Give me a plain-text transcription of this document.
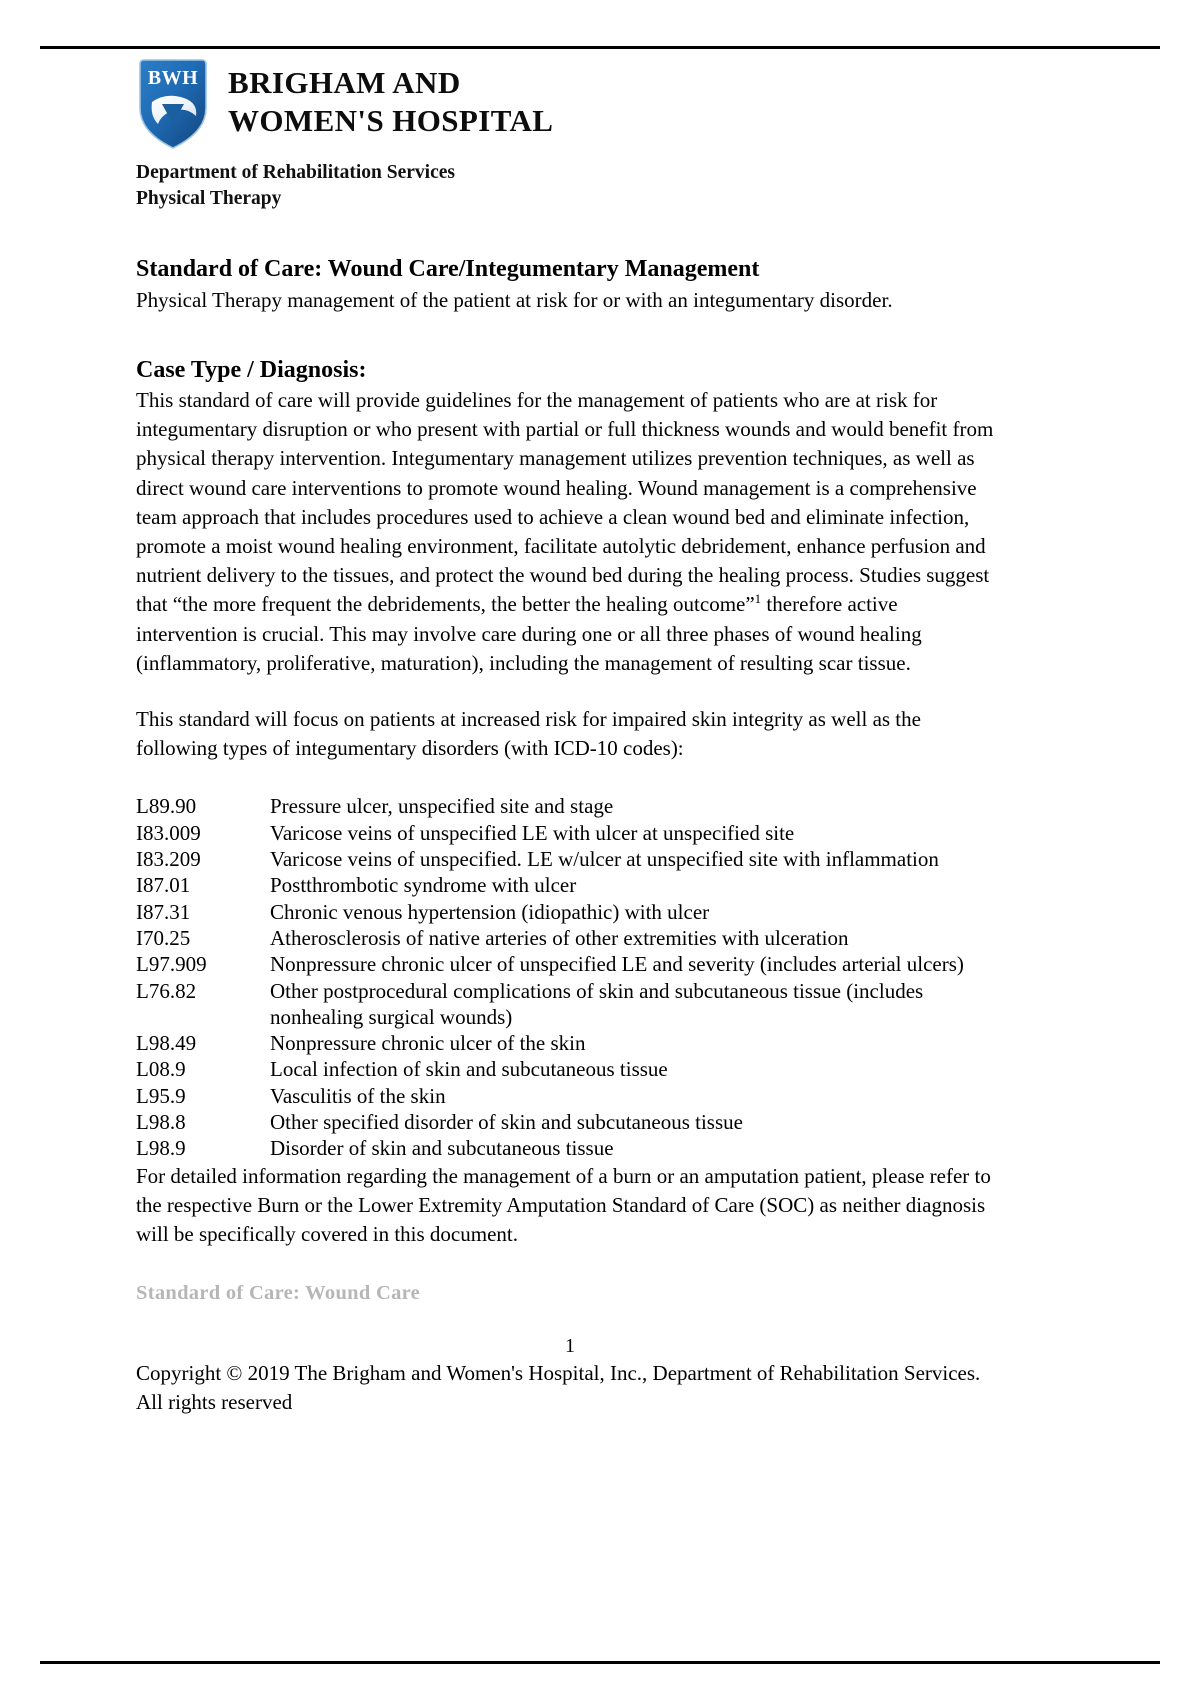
BWH BRIGHAM AND
WOMEN'S HOSPITAL
Department of Rehabilitation Services
Physical Therapy
Standard of Care: Wound Care/Integumentary Management
Physical Therapy management of the patient at risk for or with an integumentary disorder.
Case Type / Diagnosis:

This standard of care will provide guidelines for the management of patients who are at risk for integumentary disruption or who present with partial or full thickness wounds and would benefit from physical therapy intervention. Integumentary management utilizes prevention techniques, as well as direct wound care interventions to promote wound healing. Wound management is a comprehensive team approach that includes procedures used to achieve a clean wound bed and eliminate infection, promote a moist wound healing environment, facilitate autolytic debridement, enhance perfusion and nutrient delivery to the tissues, and protect the wound bed during the healing process. Studies suggest that “the more frequent the debridements, the better the healing outcome”$^1$ therefore active intervention is crucial. This may involve care during one or all three phases of wound healing (inflammatory, proliferative, maturation), including the management of resulting scar tissue.

This standard will focus on patients at increased risk for impaired skin integrity as well as the following types of integumentary disorders (with ICD-10 codes):

L89.90	Pressure ulcer, unspecified site and stage
I83.009	Varicose veins of unspecified LE with ulcer at unspecified site
I83.209	Varicose veins of unspecified. LE w/ulcer at unspecified site with inflammation
I87.01	Postthrombotic syndrome with ulcer
I87.31	Chronic venous hypertension (idiopathic) with ulcer
I70.25	Atherosclerosis of native arteries of other extremities with ulceration
L97.909	Nonpressure chronic ulcer of unspecified LE and severity (includes arterial ulcers)
L76.82	Other postprocedural complications of skin and subcutaneous tissue (includes nonhealing surgical wounds)
L98.49	Nonpressure chronic ulcer of the skin
L08.9	Local infection of skin and subcutaneous tissue
L95.9	Vasculitis of the skin
L98.8	Other specified disorder of skin and subcutaneous tissue
L98.9	Disorder of skin and subcutaneous tissue

For detailed information regarding the management of a burn or an amputation patient, please refer to the respective Burn or the Lower Extremity Amputation Standard of Care (SOC) as neither diagnosis will be specifically covered in this document.

Standard of Care: Wound Care
1

Copyright © 2019 The Brigham and Women's Hospital, Inc., Department of Rehabilitation Services. All rights reserved
